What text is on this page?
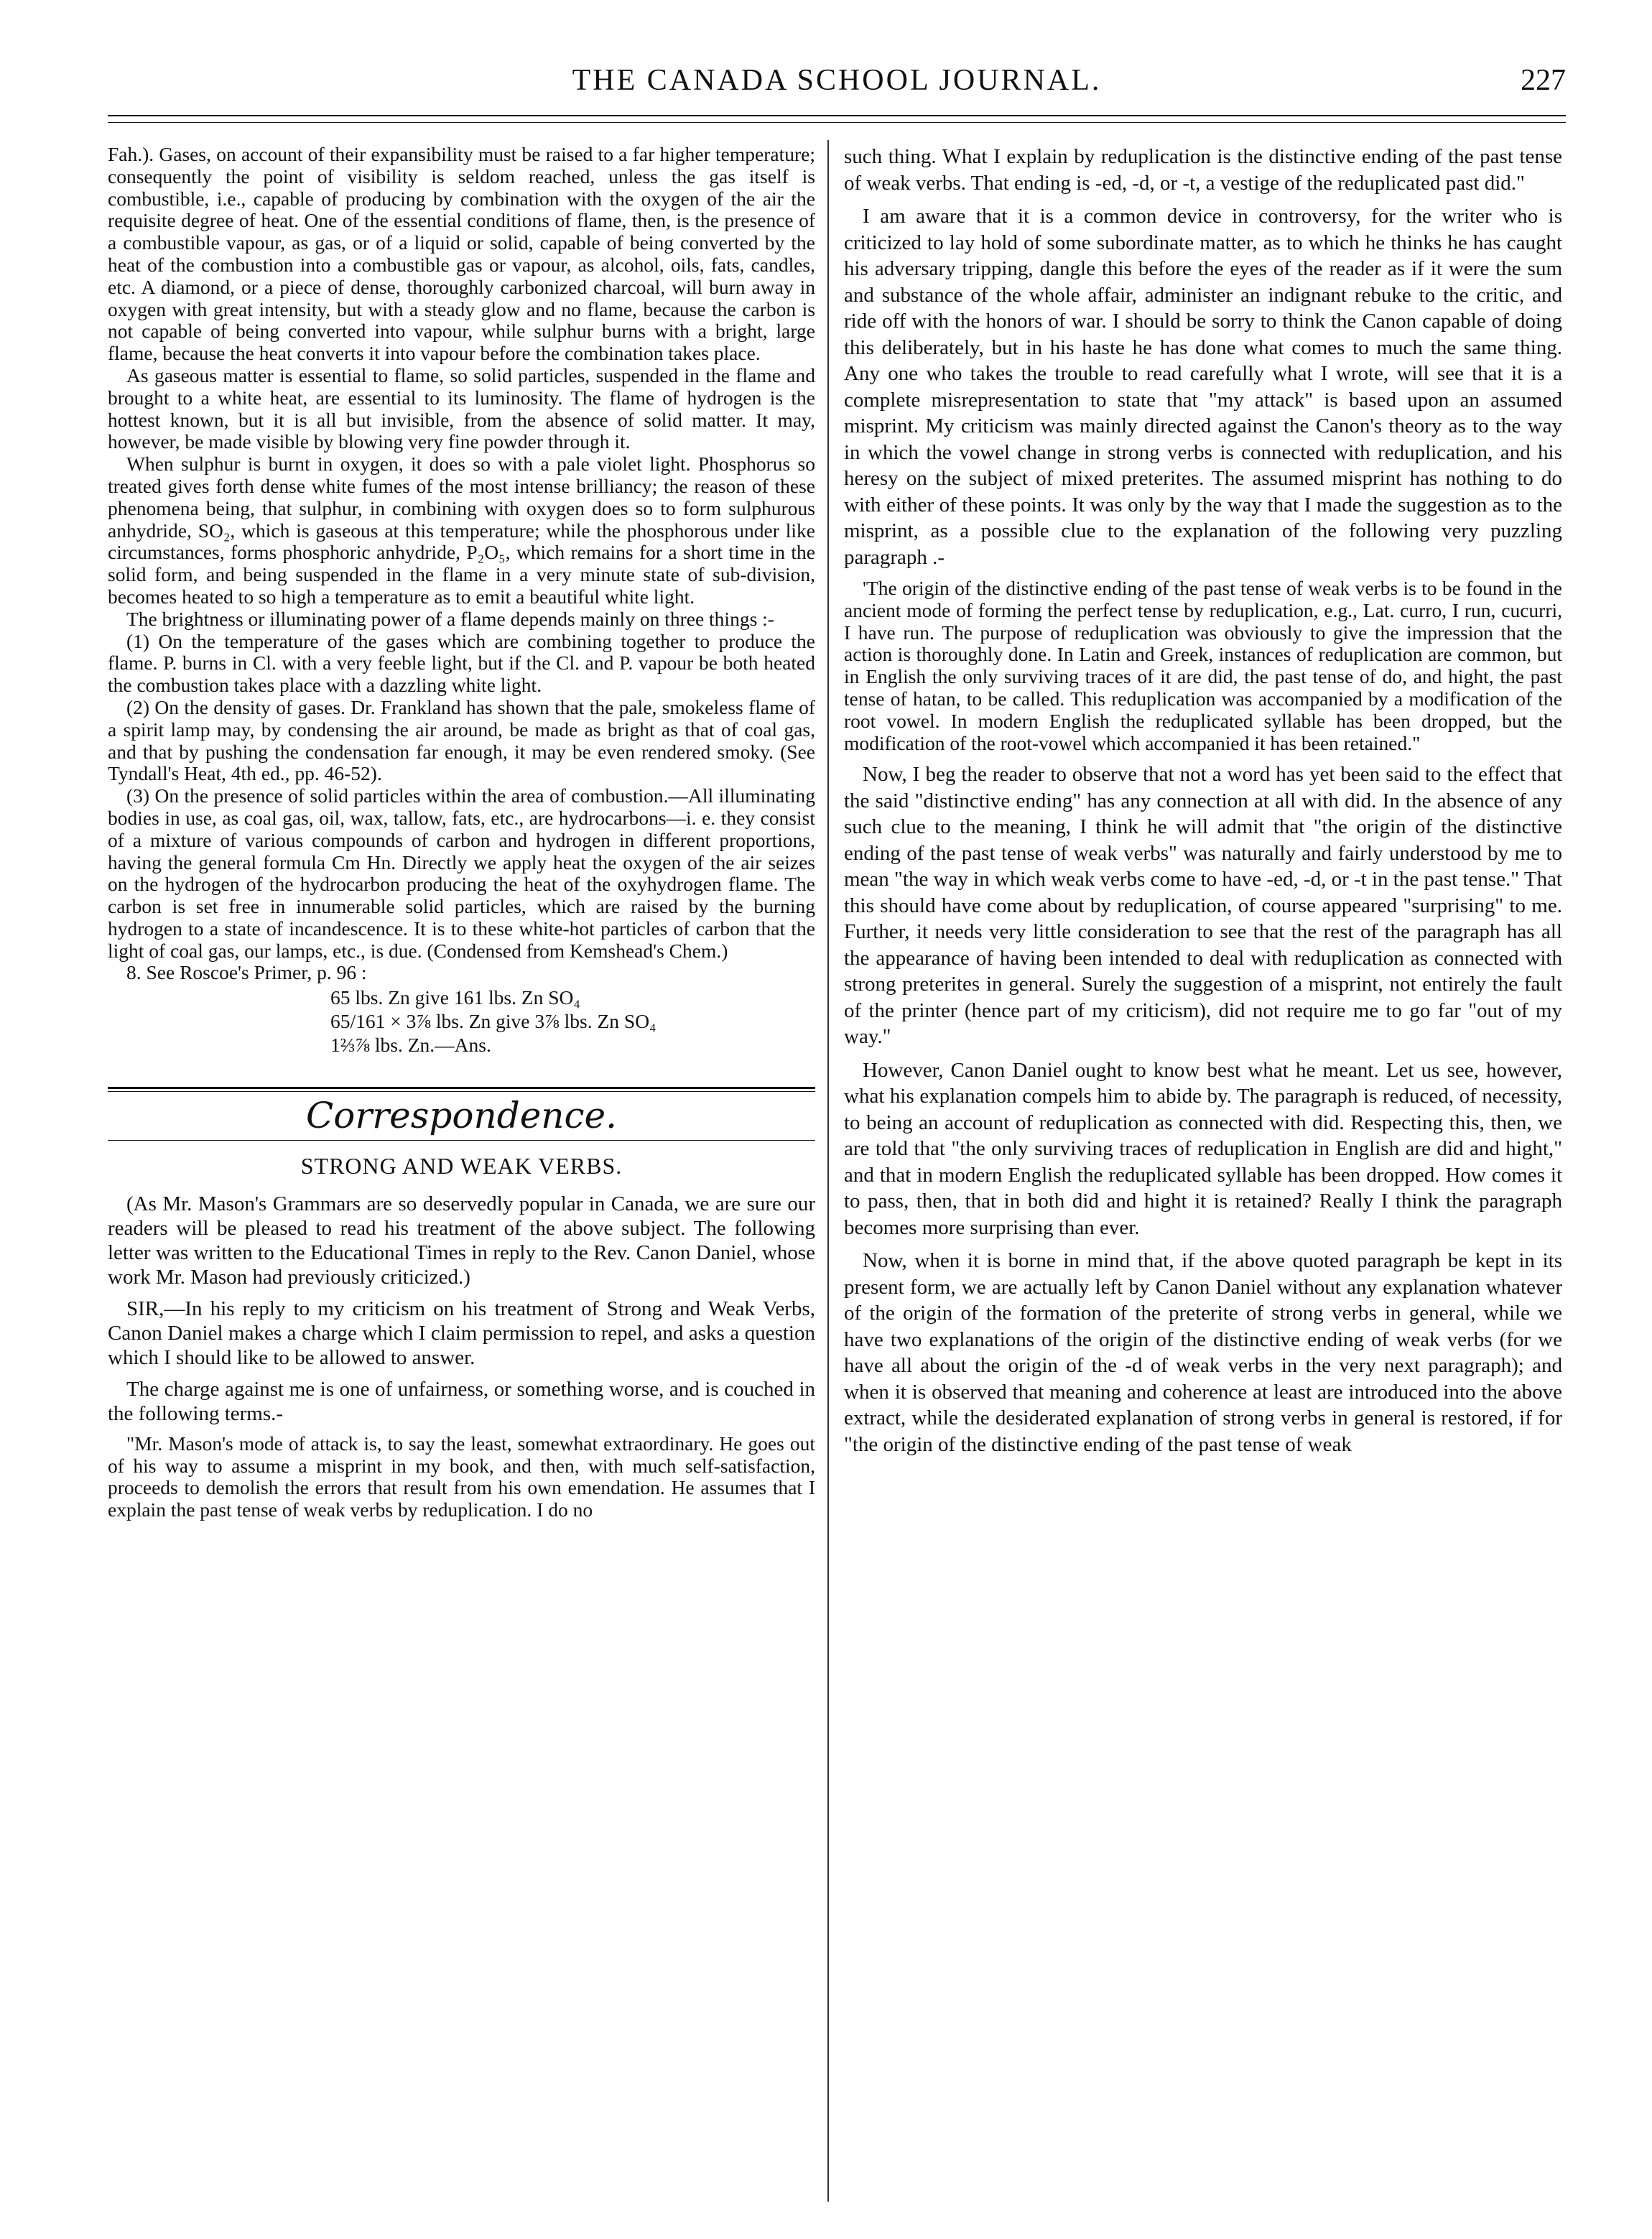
THE CANADA SCHOOL JOURNAL.	227

Fah.). Gases, on account of their expansibility must be raised to a far higher temperature; consequently the point of visibility is seldom reached, unless the gas itself is combustible, i.e., capable of producing by combination with the oxygen of the air the requisite degree of heat. One of the essential conditions of flame, then, is the presence of a combustible vapour, as gas, or of a liquid or solid, capable of being converted by the heat of the combustion into a combustible gas or vapour, as alcohol, oils, fats, candles, etc. A diamond, or a piece of dense, thoroughly carbonized charcoal, will burn away in oxygen with great intensity, but with a steady glow and no flame, because the carbon is not capable of being converted into vapour, while sulphur burns with a bright, large flame, because the heat converts it into vapour before the combination takes place.

As gaseous matter is essential to flame, so solid particles, suspended in the flame and brought to a white heat, are essential to its luminosity. The flame of hydrogen is the hottest known, but it is all but invisible, from the absence of solid matter. It may, however, be made visible by blowing very fine powder through it.

When sulphur is burnt in oxygen, it does so with a pale violet light. Phosphorus so treated gives forth dense white fumes of the most intense brilliancy; the reason of these phenomena being, that sulphur, in combining with oxygen does so to form sulphurous anhydride, SO₂, which is gaseous at this temperature; while the phosphorous under like circumstances, forms phosphoric anhydride, P₂O₅, which remains for a short time in the solid form, and being suspended in the flame in a very minute state of sub-division, becomes heated to so high a temperature as to emit a beautiful white light.

The brightness or illuminating power of a flame depends mainly on three things :-

(1) On the temperature of the gases which are combining together to produce the flame. P. burns in Cl. with a very feeble light, but if the Cl. and P. vapour be both heated the combustion takes place with a dazzling white light.

(2) On the density of gases. Dr. Frankland has shown that the pale, smokeless flame of a spirit lamp may, by condensing the air around, be made as bright as that of coal gas, and that by pushing the condensation far enough, it may be even rendered smoky. (See Tyndall's Heat, 4th ed., pp. 46-52).

(3) On the presence of solid particles within the area of combustion.—All illuminating bodies in use, as coal gas, oil, wax, tallow, fats, etc., are hydrocarbons—i. e. they consist of a mixture of various compounds of carbon and hydrogen in different proportions, having the general formula Cm Hn. Directly we apply heat the oxygen of the air seizes on the hydrogen of the hydrocarbon producing the heat of the oxyhydrogen flame. The carbon is set free in innumerable solid particles, which are raised by the burning hydrogen to a state of incandescence. It is to these white-hot particles of carbon that the light of coal gas, our lamps, etc., is due. (Condensed from Kemshead's Chem.)

8. See Roscoe's Primer, p. 96 :

65 lbs. Zn give 161 lbs. Zn SO₄

65/161 × 3⅞ lbs. Zn give 3⅞ lbs. Zn SO₄

1⅔⅞ lbs. Zn.—Ans.

Correspondence.

STRONG AND WEAK VERBS.

(As Mr. Mason's Grammars are so deservedly popular in Canada, we are sure our readers will be pleased to read his treatment of the above subject. The following letter was written to the Educational Times in reply to the Rev. Canon Daniel, whose work Mr. Mason had previously criticized.)

SIR,—In his reply to my criticism on his treatment of Strong and Weak Verbs, Canon Daniel makes a charge which I claim permission to repel, and asks a question which I should like to be allowed to answer.

The charge against me is one of unfairness, or something worse, and is couched in the following terms.-

"Mr. Mason's mode of attack is, to say the least, somewhat extraordinary. He goes out of his way to assume a misprint in my book, and then, with much self-satisfaction, proceeds to demolish the errors that result from his own emendation. He assumes that I explain the past tense of weak verbs by reduplication. I do no

such thing. What I explain by reduplication is the distinctive ending of the past tense of weak verbs. That ending is -ed, -d, or -t, a vestige of the reduplicated past did."

I am aware that it is a common device in controversy, for the writer who is criticized to lay hold of some subordinate matter, as to which he thinks he has caught his adversary tripping, dangle this before the eyes of the reader as if it were the sum and substance of the whole affair, administer an indignant rebuke to the critic, and ride off with the honors of war. I should be sorry to think the Canon capable of doing this deliberately, but in his haste he has done what comes to much the same thing. Any one who takes the trouble to read carefully what I wrote, will see that it is a complete misrepresentation to state that "my attack" is based upon an assumed misprint. My criticism was mainly directed against the Canon's theory as to the way in which the vowel change in strong verbs is connected with reduplication, and his heresy on the subject of mixed preterites. The assumed misprint has nothing to do with either of these points. It was only by the way that I made the suggestion as to the misprint, as a possible clue to the explanation of the following very puzzling paragraph .-

'The origin of the distinctive ending of the past tense of weak verbs is to be found in the ancient mode of forming the perfect tense by reduplication, e.g., Lat. curro, I run, cucurri, I have run. The purpose of reduplication was obviously to give the impression that the action is thoroughly done. In Latin and Greek, instances of reduplication are common, but in English the only surviving traces of it are did, the past tense of do, and hight, the past tense of hatan, to be called. This reduplication was accompanied by a modification of the root vowel. In modern English the reduplicated syllable has been dropped, but the modification of the root-vowel which accompanied it has been retained."

Now, I beg the reader to observe that not a word has yet been said to the effect that the said "distinctive ending" has any connection at all with did. In the absence of any such clue to the meaning, I think he will admit that "the origin of the distinctive ending of the past tense of weak verbs" was naturally and fairly understood by me to mean "the way in which weak verbs come to have -ed, -d, or -t in the past tense." That this should have come about by reduplication, of course appeared "surprising" to me. Further, it needs very little consideration to see that the rest of the paragraph has all the appearance of having been intended to deal with reduplication as connected with strong preterites in general. Surely the suggestion of a misprint, not entirely the fault of the printer (hence part of my criticism), did not require me to go far "out of my way."

However, Canon Daniel ought to know best what he meant. Let us see, however, what his explanation compels him to abide by. The paragraph is reduced, of necessity, to being an account of reduplication as connected with did. Respecting this, then, we are told that "the only surviving traces of reduplication in English are did and hight," and that in modern English the reduplicated syllable has been dropped. How comes it to pass, then, that in both did and hight it is retained? Really I think the paragraph becomes more surprising than ever.

Now, when it is borne in mind that, if the above quoted paragraph be kept in its present form, we are actually left by Canon Daniel without any explanation whatever of the origin of the formation of the preterite of strong verbs in general, while we have two explanations of the origin of the distinctive ending of weak verbs (for we have all about the origin of the -d of weak verbs in the very next paragraph); and when it is observed that meaning and coherence at least are introduced into the above extract, while the desiderated explanation of strong verbs in general is restored, if for "the origin of the distinctive ending of the past tense of weak
